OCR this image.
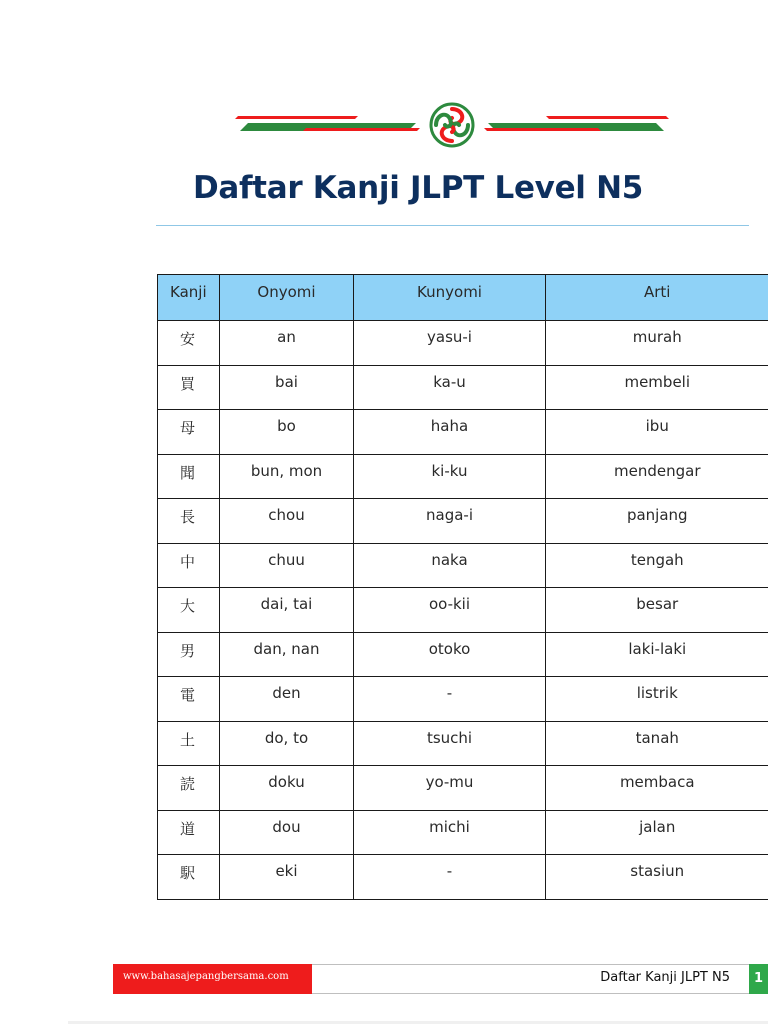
Daftar Kanji JLPT Level N5
Kanji	Onyomi	Kunyomi	Arti
安	an	yasu-i	murah
買	bai	ka-u	membeli
母	bo	haha	ibu
聞	bun, mon	ki-ku	mendengar
長	chou	naga-i	panjang
中	chuu	naka	tengah
大	dai, tai	oo-kii	besar
男	dan, nan	otoko	laki-laki
電	den	-	listrik
土	do, to	tsuchi	tanah
読	doku	yo-mu	membaca
道	dou	michi	jalan
駅	eki	-	stasiun
www.bahasajepangbersama.com	Daftar Kanji JLPT N5	1
